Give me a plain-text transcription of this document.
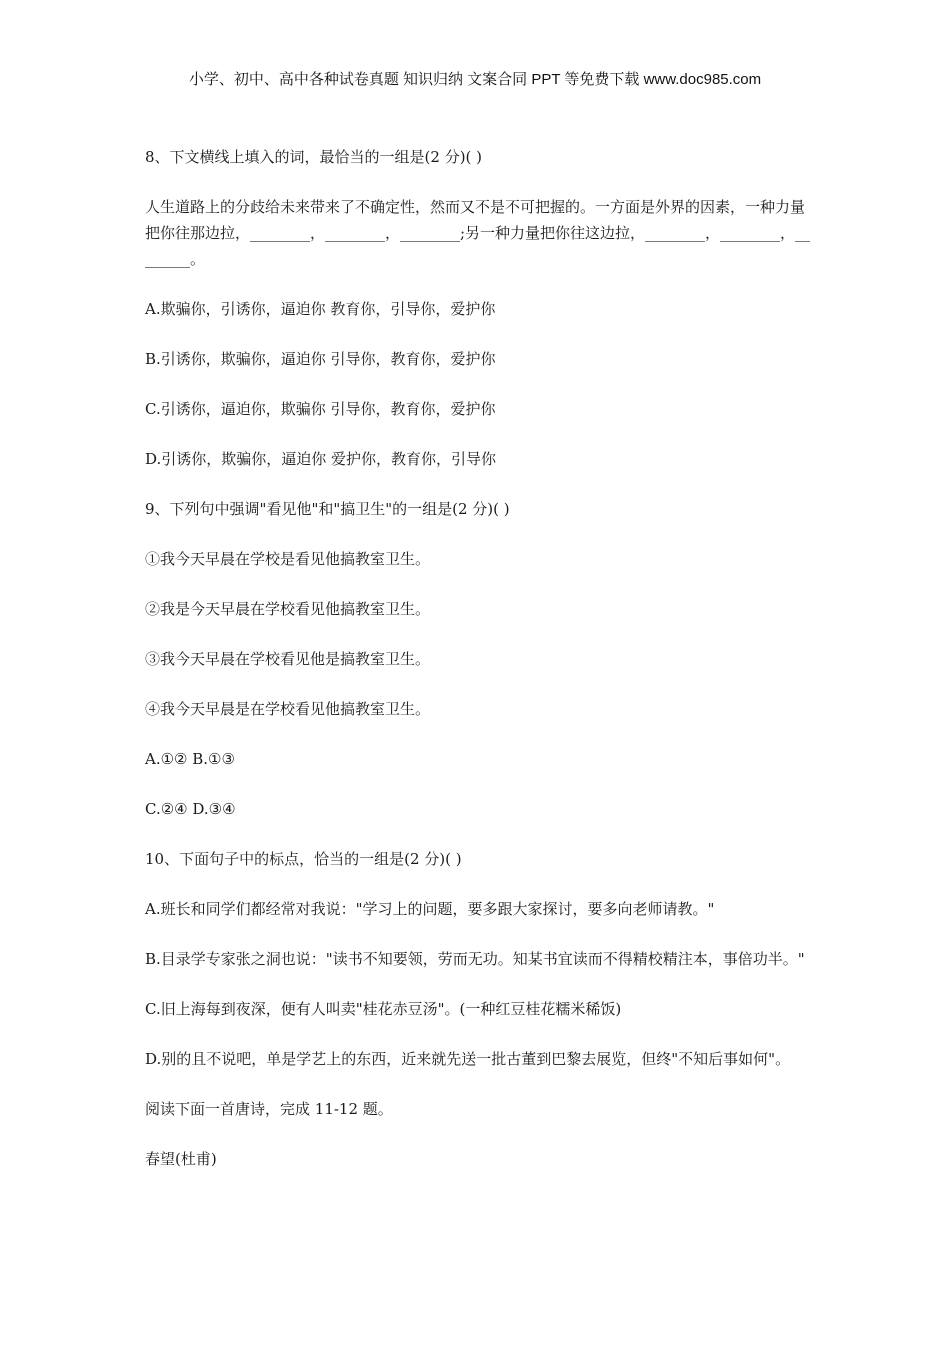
小学、初中、高中各种试卷真题 知识归纳 文案合同 PPT 等免费下载 www.doc985.com

8、下文横线上填入的词，最恰当的一组是(2 分)( )

人生道路上的分歧给未来带来了不确定性，然而又不是不可把握的。一方面是外界的因素，一种力量把你往那边拉，________，________，________;另一种力量把你往这边拉，________，________，________。

A.欺骗你，引诱你，逼迫你 教育你，引导你，爱护你

B.引诱你，欺骗你，逼迫你 引导你，教育你，爱护你

C.引诱你，逼迫你，欺骗你 引导你，教育你，爱护你

D.引诱你，欺骗你，逼迫你 爱护你，教育你，引导你

9、下列句中强调"看见他"和"搞卫生"的一组是(2 分)( )

①我今天早晨在学校是看见他搞教室卫生。

②我是今天早晨在学校看见他搞教室卫生。

③我今天早晨在学校看见他是搞教室卫生。

④我今天早晨是在学校看见他搞教室卫生。

A.①② B.①③

C.②④ D.③④

10、下面句子中的标点，恰当的一组是(2 分)( )

A.班长和同学们都经常对我说："学习上的问题，要多跟大家探讨，要多向老师请教。"

B.目录学专家张之洞也说："读书不知要领，劳而无功。知某书宜读而不得精校精注本，事倍功半。"

C.旧上海每到夜深，便有人叫卖"桂花赤豆汤"。(一种红豆桂花糯米稀饭)

D.别的且不说吧，单是学艺上的东西，近来就先送一批古董到巴黎去展览，但终"不知后事如何"。

阅读下面一首唐诗，完成 11-12 题。

春望(杜甫)
